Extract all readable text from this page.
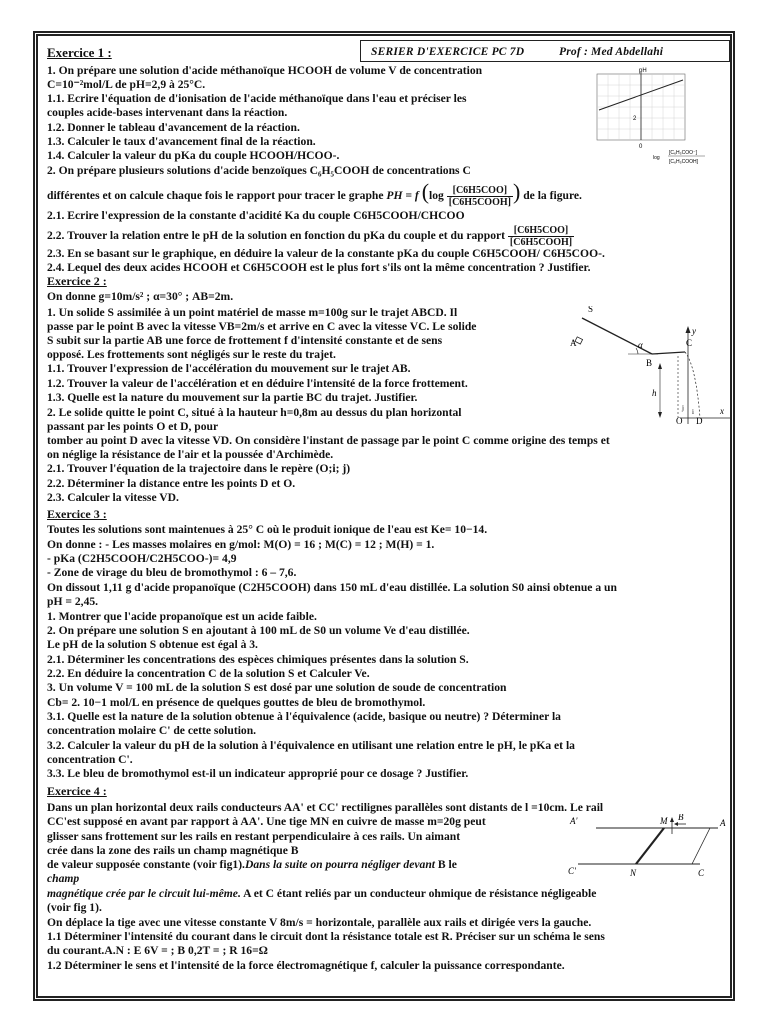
SERIER D'EXERCICE PC 7D	Prof : Med Abdellahi
Exercice 1 :
1. On prépare une solution d'acide méthanoïque HCOOH de volume V de concentration
C=10⁻²mol/L de pH=2,9 à 25°C.
1.1. Ecrire l'équation de d'ionisation de l'acide méthanoïque dans l'eau et préciser les
couples acide-bases intervenant dans la réaction.
1.2. Donner le tableau d'avancement de la réaction.
1.3. Calculer le taux d'avancement final de la réaction.
1.4. Calculer la valeur du pKa du couple HCOOH/HCOO-.
2. On prépare plusieurs solutions d'acide benzoïques C₆H₅COOH de concentrations C
différentes et on calcule chaque fois le rapport pour tracer le graphe PH = f ($\log \frac{\text{[C6H5COO]}}{\text{[C6H5COOH]}}$ ) de la figure.
2.1. Ecrire l'expression de la constante d'acidité Ka du couple C6H5COOH/CHCOO
2.2. Trouver la relation entre le pH de la solution en fonction du pKa du couple et du rapport $\frac{\text{[C6H5COO]}}{\text{[C6H5COOH]}}$
2.3. En se basant sur le graphique, en déduire la valeur de la constante pKa du couple C6H5COOH/ C6H5COO-.
2.4. Lequel des deux acides HCOOH et C6H5COOH est le plus fort s'ils ont la même concentration ? Justifier.
pH
2
0
log
[C₆H₅COO⁻]
[C₆H₅COOH]
Exercice 2 :
On donne g=10m/s² ; α=30° ; AB=2m.
1. Un solide S assimilée à un point matériel de masse m=100g sur le trajet ABCD. Il
passe par le point B avec la vitesse VB=2m/s et arrive en C avec la vitesse VC. Le solide
S subit sur la partie AB une force de frottement f d'intensité constante et de sens
opposé. Les frottements sont négligés sur le reste du trajet.
1.1. Trouver l'expression de l'accélération du mouvement sur le trajet AB.
1.2. Trouver la valeur de l'accélération et en déduire l'intensité de la force frottement.
1.3. Quelle est la nature du mouvement sur la partie BC du trajet. Justifier.
2. Le solide quitte le point C, situé à la hauteur h=0,8m au dessus du plan horizontal
passant par les points O et D, pour
tomber au point D avec la vitesse VD. On considère l'instant de passage par le point C comme origine des temps et
on néglige la résistance de l'air et la poussée d'Archimède.
2.1. Trouver l'équation de la trajectoire dans le repère (O;i; j)
2.2. Déterminer la distance entre les points D et O.
2.3. Calculer la vitesse VD.
A
S
B
C
α
h
O D
x
y
i
j
Exercice 3 :
Toutes les solutions sont maintenues à 25° C où le produit ionique de l'eau est Ke= 10−14.
On donne : - Les masses molaires en g/mol: M(O) = 16 ; M(C) = 12 ; M(H) = 1.
- pKa (C2H5COOH/C2H5COO-)= 4,9
- Zone de virage du bleu de bromothymol : 6 – 7,6.
On dissout 1,11 g d'acide propanoïque (C2H5COOH) dans 150 mL d'eau distillée. La solution S0 ainsi obtenue a un
pH = 2,45.
1. Montrer que l'acide propanoïque est un acide faible.
2. On prépare une solution S en ajoutant à 100 mL de S0 un volume Ve d'eau distillée.
Le pH de la solution S obtenue est égal à 3.
2.1. Déterminer les concentrations des espèces chimiques présentes dans la solution S.
2.2. En déduire la concentration C de la solution S et Calculer Ve.
3. Un volume V = 100 mL de la solution S est dosé par une solution de soude de concentration
Cb= 2. 10−1 mol/L en présence de quelques gouttes de bleu de bromothymol.
3.1. Quelle est la nature de la solution obtenue à l'équivalence (acide, basique ou neutre) ? Déterminer la
concentration molaire C' de cette solution.
3.2. Calculer la valeur du pH de la solution à l'équivalence en utilisant une relation entre le pH, le pKa et la
concentration C'.
3.3. Le bleu de bromothymol est-il un indicateur approprié pour ce dosage ? Justifier.
Exercice 4 :
Dans un plan horizontal deux rails conducteurs AA' et CC' rectilignes parallèles sont distants de l =10cm. Le rail
CC'est supposé en avant par rapport à AA'. Une tige MN en cuivre de masse m=20g peut
glisser sans frottement sur les rails en restant perpendiculaire à ces rails. Un aimant
crée dans la zone des rails un champ magnétique B
de valeur supposée constante (voir fig1).Dans la suite on pourra négliger devant B le
champ
magnétique crée par le circuit lui-même. A et C étant reliés par un conducteur ohmique de résistance négligeable
(voir fig 1).
On déplace la tige avec une vitesse constante V 8m/s = horizontale, parallèle aux rails et dirigée vers la gauche.
1.1 Déterminer l'intensité du courant dans le circuit dont la résistance totale est R. Préciser sur un schéma le sens
du courant.A.N : E 6V = ; B 0,2T = ; R 16=Ω
1.2 Déterminer le sens et l'intensité de la force électromagnétique f, calculer la puissance correspondante.
A'	M B
A
C'	N	C
